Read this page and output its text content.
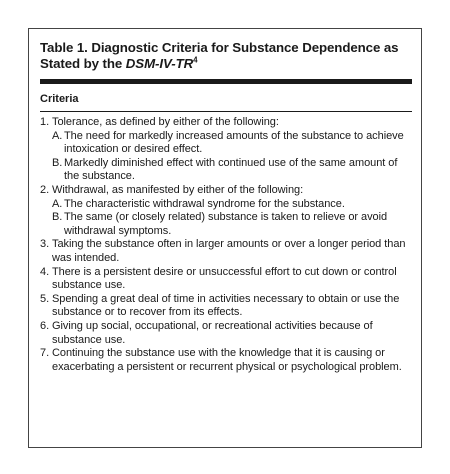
Table 1. Diagnostic Criteria for Substance Dependence as Stated by the DSM-$IV-TR^4$
Criteria
1. Tolerance, as defined by either of the following:
A. The need for markedly increased amounts of the substance to achieve intoxication or desired effect.
B. Markedly diminished effect with continued use of the same amount of the substance.
2. Withdrawal, as manifested by either of the following:
A. The characteristic withdrawal syndrome for the substance.
B. The same (or closely related) substance is taken to relieve or avoid withdrawal symptoms.
3. Taking the substance often in larger amounts or over a longer period than was intended.
4. There is a persistent desire or unsuccessful effort to cut down or control substance use.
5. Spending a great deal of time in activities necessary to obtain or use the substance or to recover from its effects.
6. Giving up social, occupational, or recreational activities because of substance use.
7. Continuing the substance use with the knowledge that it is causing or exacerbating a persistent or recurrent physical or psychological problem.
